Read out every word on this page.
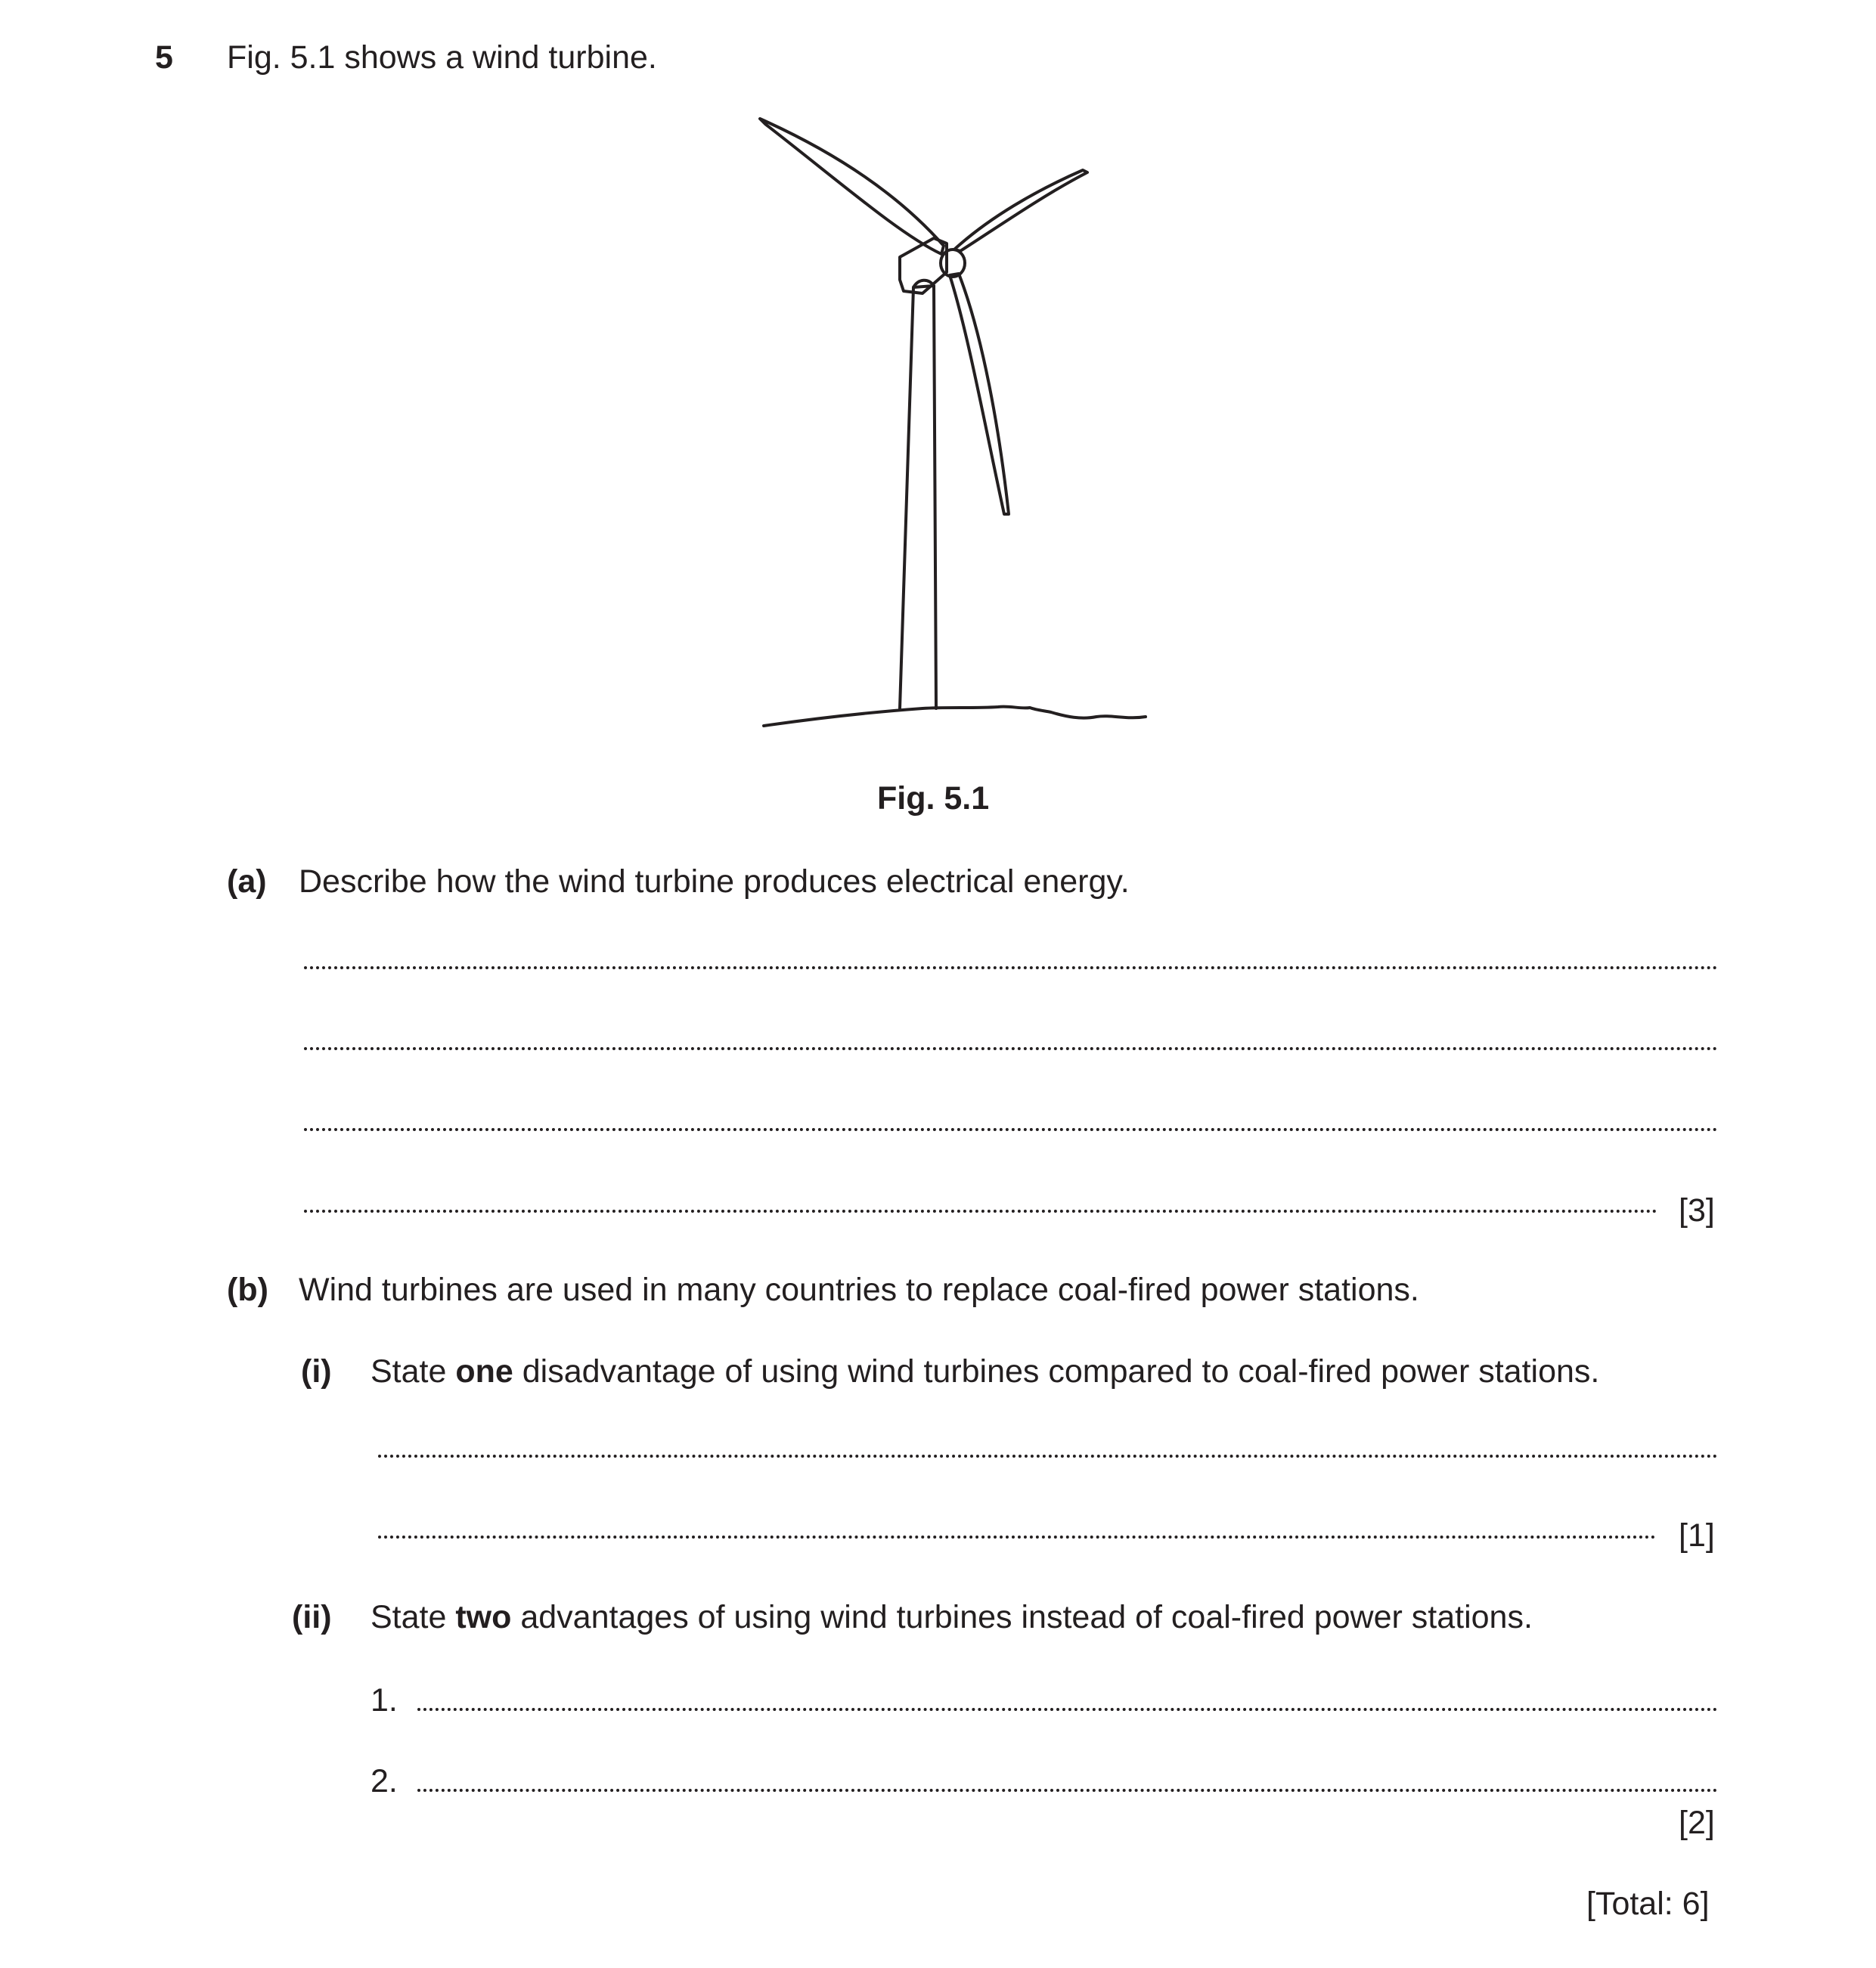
5 Fig. 5.1 shows a wind turbine.
Fig. 5.1
(a) Describe how the wind turbine produces electrical energy.
[3]
(b) Wind turbines are used in many countries to replace coal-fired power stations.
(i) State one disadvantage of using wind turbines compared to coal-fired power stations.
[1]
(ii) State two advantages of using wind turbines instead of coal-fired power stations.
1.
2.
[2]
[Total: 6]
